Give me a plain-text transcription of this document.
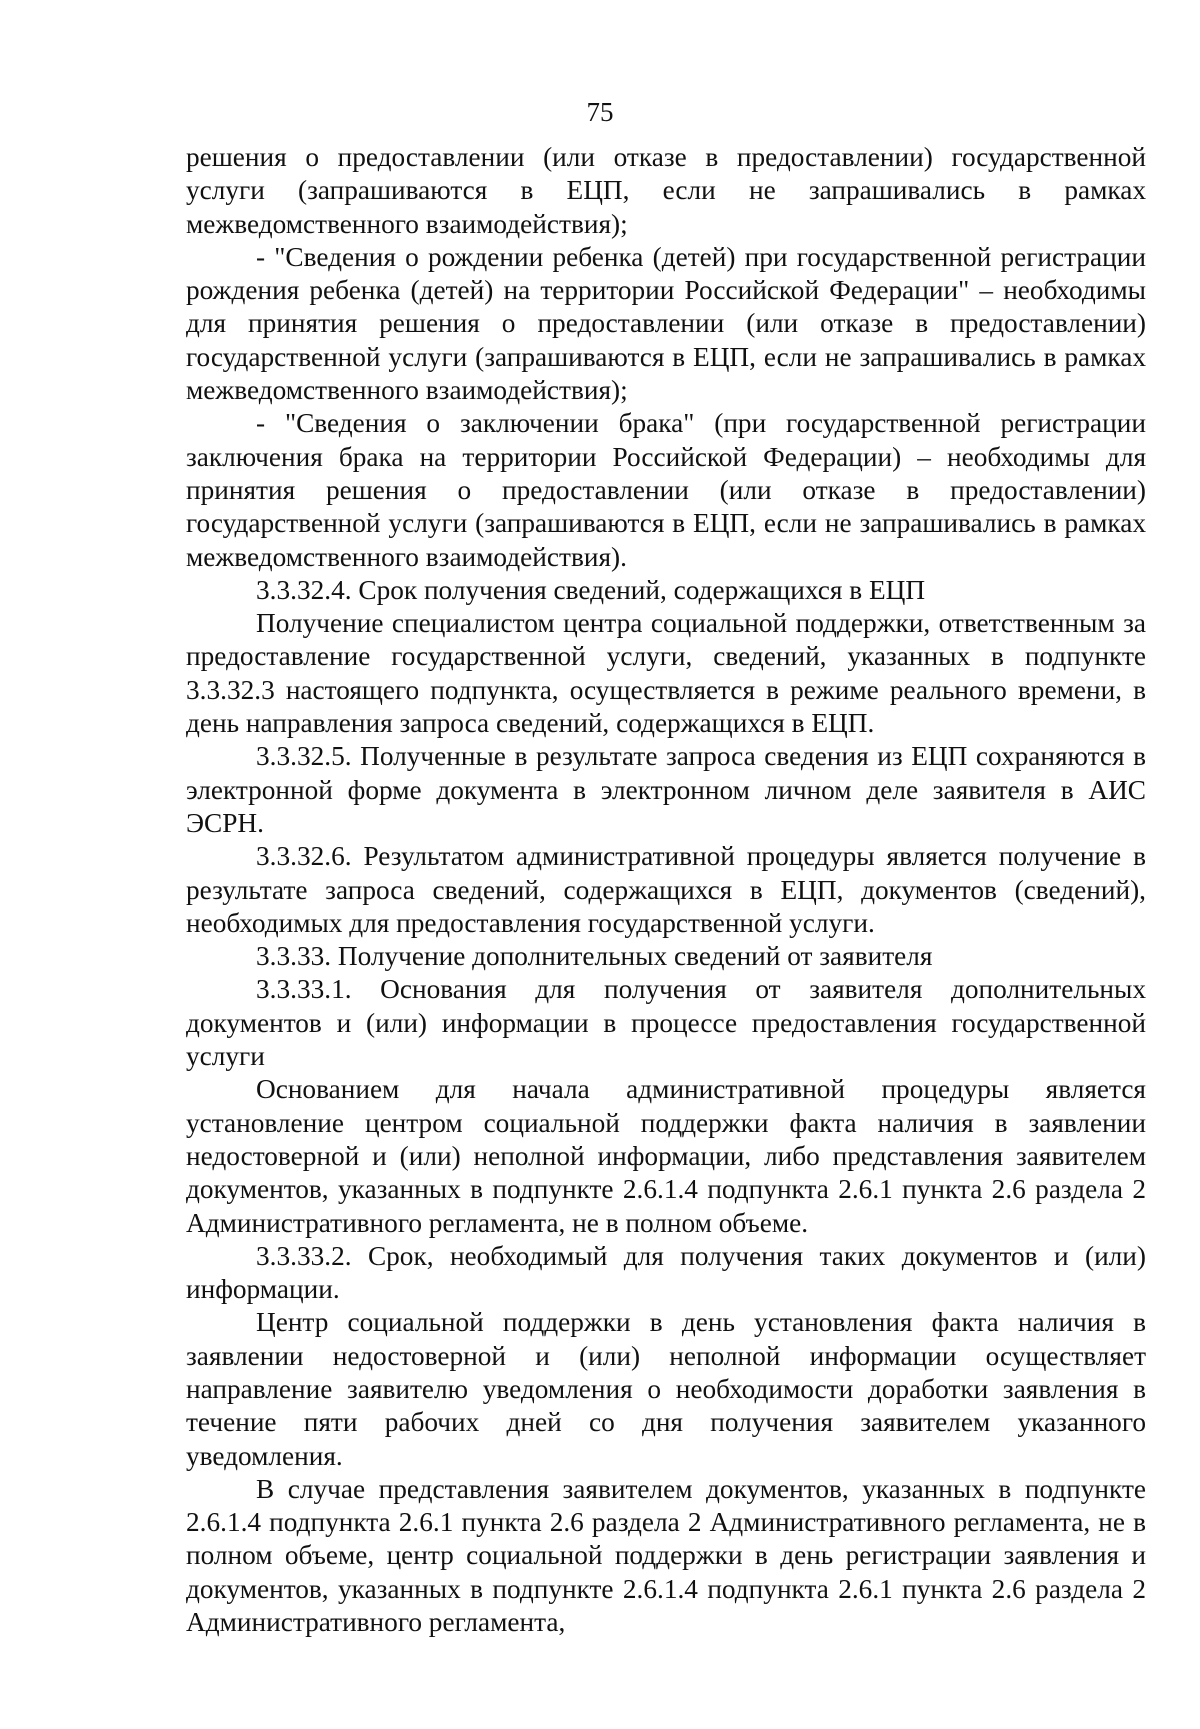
75

решения о предоставлении (или отказе в предоставлении) государственной услуги (запрашиваются в ЕЦП, если не запрашивались в рамках межведомственного взаимодействия);

- "Сведения о рождении ребенка (детей) при государственной регистрации рождения ребенка (детей) на территории Российской Федерации" – необходимы для принятия решения о предоставлении (или отказе в предоставлении) государственной услуги (запрашиваются в ЕЦП, если не запрашивались в рамках межведомственного взаимодействия);

- "Сведения о заключении брака" (при государственной регистрации заключения брака на территории Российской Федерации) – необходимы для принятия решения о предоставлении (или отказе в предоставлении) государственной услуги (запрашиваются в ЕЦП, если не запрашивались в рамках межведомственного взаимодействия).

3.3.32.4. Срок получения сведений, содержащихся в ЕЦП

Получение специалистом центра социальной поддержки, ответственным за предоставление государственной услуги, сведений, указанных в подпункте 3.3.32.3 настоящего подпункта, осуществляется в режиме реального времени, в день направления запроса сведений, содержащихся в ЕЦП.

3.3.32.5. Полученные в результате запроса сведения из ЕЦП сохраняются в электронной форме документа в электронном личном деле заявителя в АИС ЭСРН.

3.3.32.6. Результатом административной процедуры является получение в результате запроса сведений, содержащихся в ЕЦП, документов (сведений), необходимых для предоставления государственной услуги.

3.3.33. Получение дополнительных сведений от заявителя

3.3.33.1. Основания для получения от заявителя дополнительных документов и (или) информации в процессе предоставления государственной услуги

Основанием для начала административной процедуры является установление центром социальной поддержки факта наличия в заявлении недостоверной и (или) неполной информации, либо представления заявителем документов, указанных в подпункте 2.6.1.4 подпункта 2.6.1 пункта 2.6 раздела 2 Административного регламента, не в полном объеме.

3.3.33.2. Срок, необходимый для получения таких документов и (или) информации.

Центр социальной поддержки в день установления факта наличия в заявлении недостоверной и (или) неполной информации осуществляет направление заявителю уведомления о необходимости доработки заявления в течение пяти рабочих дней со дня получения заявителем указанного уведомления.

В случае представления заявителем документов, указанных в подпункте 2.6.1.4 подпункта 2.6.1 пункта 2.6 раздела 2 Административного регламента, не в полном объеме, центр социальной поддержки в день регистрации заявления и документов, указанных в подпункте 2.6.1.4 подпункта 2.6.1 пункта 2.6 раздела 2 Административного регламента,
